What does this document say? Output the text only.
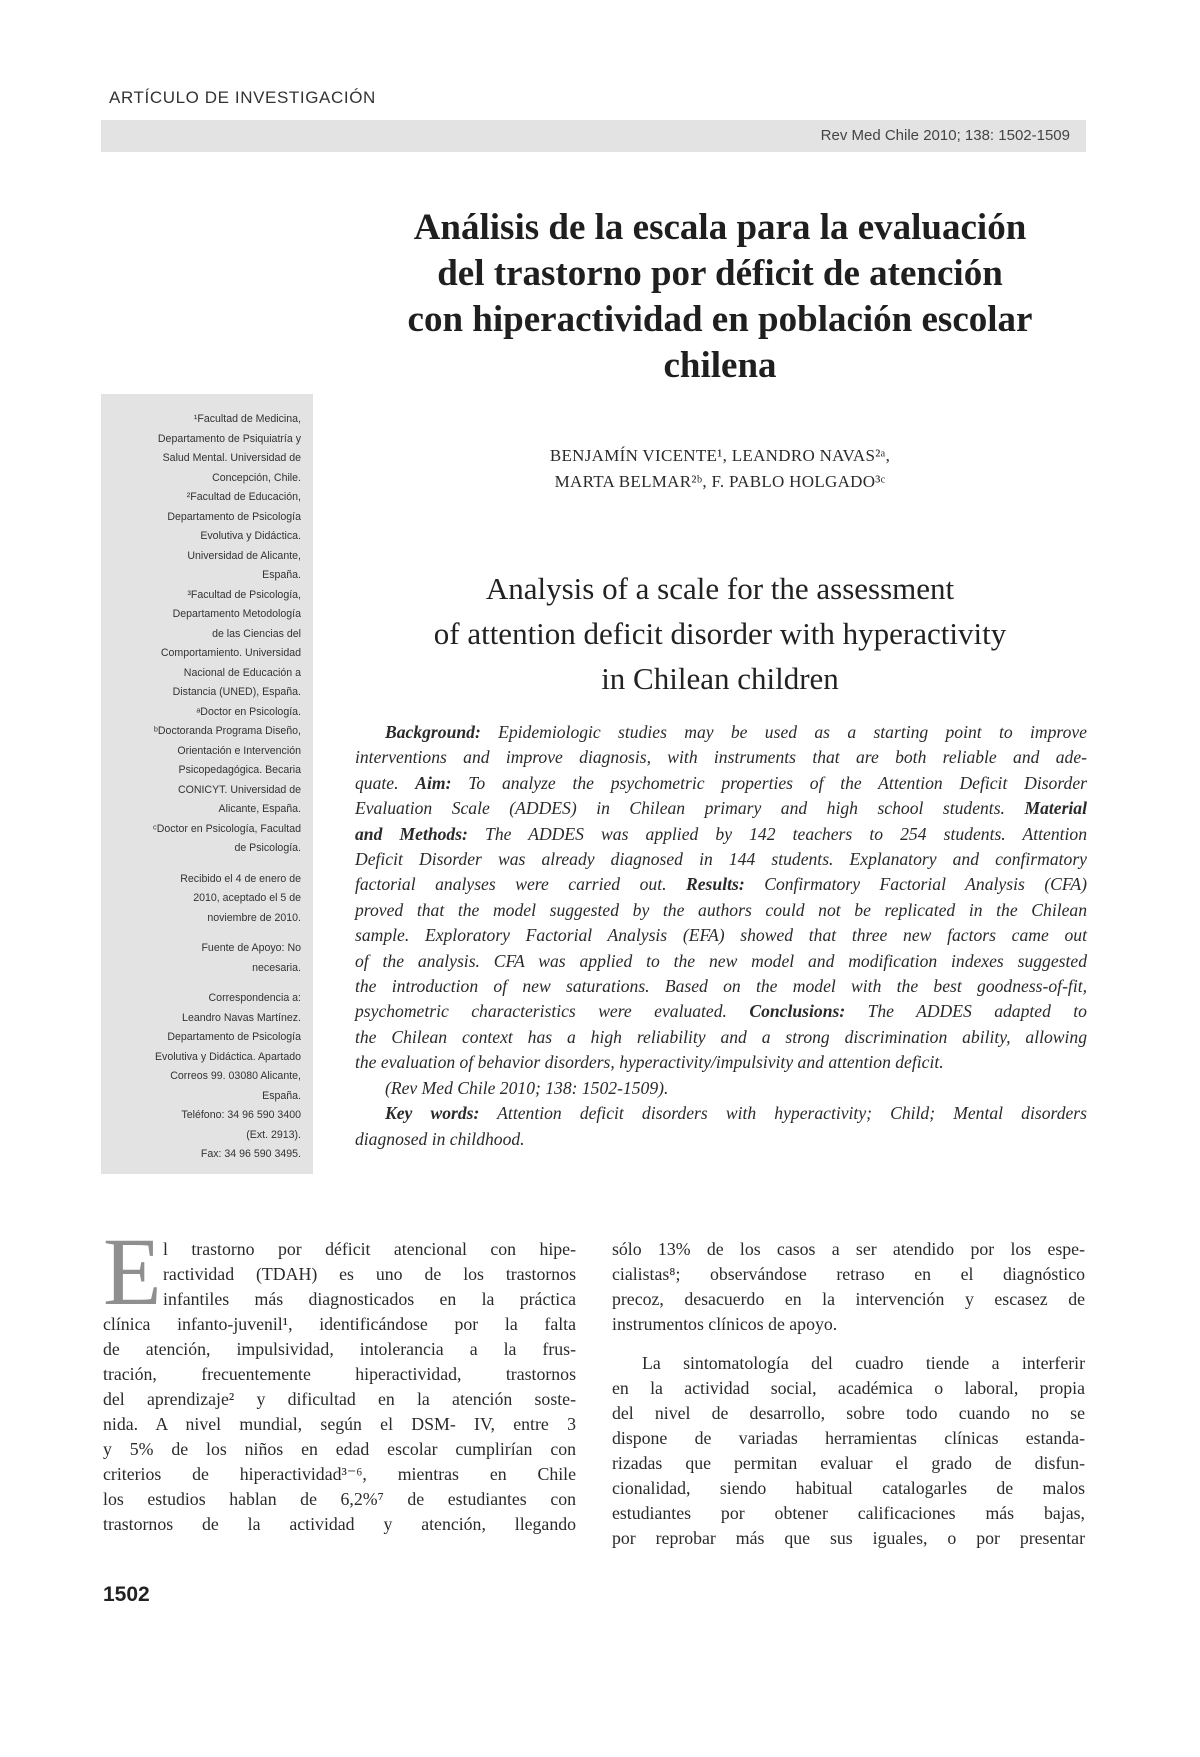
ARTÍCULO DE INVESTIGACIÓN
Rev Med Chile 2010; 138: 1502-1509
Análisis de la escala para la evaluación
del trastorno por déficit de atención
con hiperactividad en población escolar
chilena
¹Facultad de Medicina,
Departamento de Psiquiatría y
Salud Mental. Universidad de
Concepción, Chile.
²Facultad de Educación,
Departamento de Psicología
Evolutiva y Didáctica.
Universidad de Alicante,
España.
³Facultad de Psicología,
Departamento Metodología
de las Ciencias del
Comportamiento. Universidad
Nacional de Educación a
Distancia (UNED), España.
ᵃDoctor en Psicología.
ᵇDoctoranda Programa Diseño,
Orientación e Intervención
Psicopedagógica. Becaria
CONICYT. Universidad de
Alicante, España.
ᶜDoctor en Psicología, Facultad
de Psicología.
Recibido el 4 de enero de
2010, aceptado el 5 de
noviembre de 2010.
Fuente de Apoyo: No
necesaria.
Correspondencia a:
Leandro Navas Martínez.
Departamento de Psicología
Evolutiva y Didáctica. Apartado
Correos 99. 03080 Alicante,
España.
Teléfono: 34 96 590 3400
(Ext. 2913).
Fax: 34 96 590 3495.
BENJAMÍN VICENTE¹, LEANDRO NAVAS²ᵃ,
MARTA BELMAR²ᵇ, F. PABLO HOLGADO³ᶜ
Analysis of a scale for the assessment
of attention deficit disorder with hyperactivity
in Chilean children
Background: Epidemiologic studies may be used as a starting point to improve
interventions and improve diagnosis, with instruments that are both reliable and ade-
quate. Aim: To analyze the psychometric properties of the Attention Deficit Disorder
Evaluation Scale (ADDES) in Chilean primary and high school students. Material
and Methods: The ADDES was applied by 142 teachers to 254 students. Attention
Deficit Disorder was already diagnosed in 144 students. Explanatory and confirmatory
factorial analyses were carried out. Results: Confirmatory Factorial Analysis (CFA)
proved that the model suggested by the authors could not be replicated in the Chilean
sample. Exploratory Factorial Analysis (EFA) showed that three new factors came out
of the analysis. CFA was applied to the new model and modification indexes suggested
the introduction of new saturations. Based on the model with the best goodness-of-fit,
psychometric characteristics were evaluated. Conclusions: The ADDES adapted to
the Chilean context has a high reliability and a strong discrimination ability, allowing
the evaluation of behavior disorders, hyperactivity/impulsivity and attention deficit.
(Rev Med Chile 2010; 138: 1502-1509).
Key words: Attention deficit disorders with hyperactivity; Child; Mental disorders
diagnosed in childhood.
E l trastorno por déficit atencional con hipe-
ractividad (TDAH) es uno de los trastornos
infantiles más diagnosticados en la práctica
clínica infanto-juvenil¹, identificándose por la falta
de atención, impulsividad, intolerancia a la frus-
tración, frecuentemente hiperactividad, trastornos
del aprendizaje² y dificultad en la atención soste-
nida. A nivel mundial, según el DSM- IV, entre 3
y 5% de los niños en edad escolar cumplirían con
criterios de hiperactividad³⁻⁶, mientras en Chile
los estudios hablan de 6,2%⁷ de estudiantes con
trastornos de la actividad y atención, llegando
sólo 13% de los casos a ser atendido por los espe-
cialistas⁸; observándose retraso en el diagnóstico
precoz, desacuerdo en la intervención y escasez de
instrumentos clínicos de apoyo.
La sintomatología del cuadro tiende a interferir
en la actividad social, académica o laboral, propia
del nivel de desarrollo, sobre todo cuando no se
dispone de variadas herramientas clínicas estanda-
rizadas que permitan evaluar el grado de disfun-
cionalidad, siendo habitual catalogarles de malos
estudiantes por obtener calificaciones más bajas,
por reprobar más que sus iguales, o por presentar
1502
